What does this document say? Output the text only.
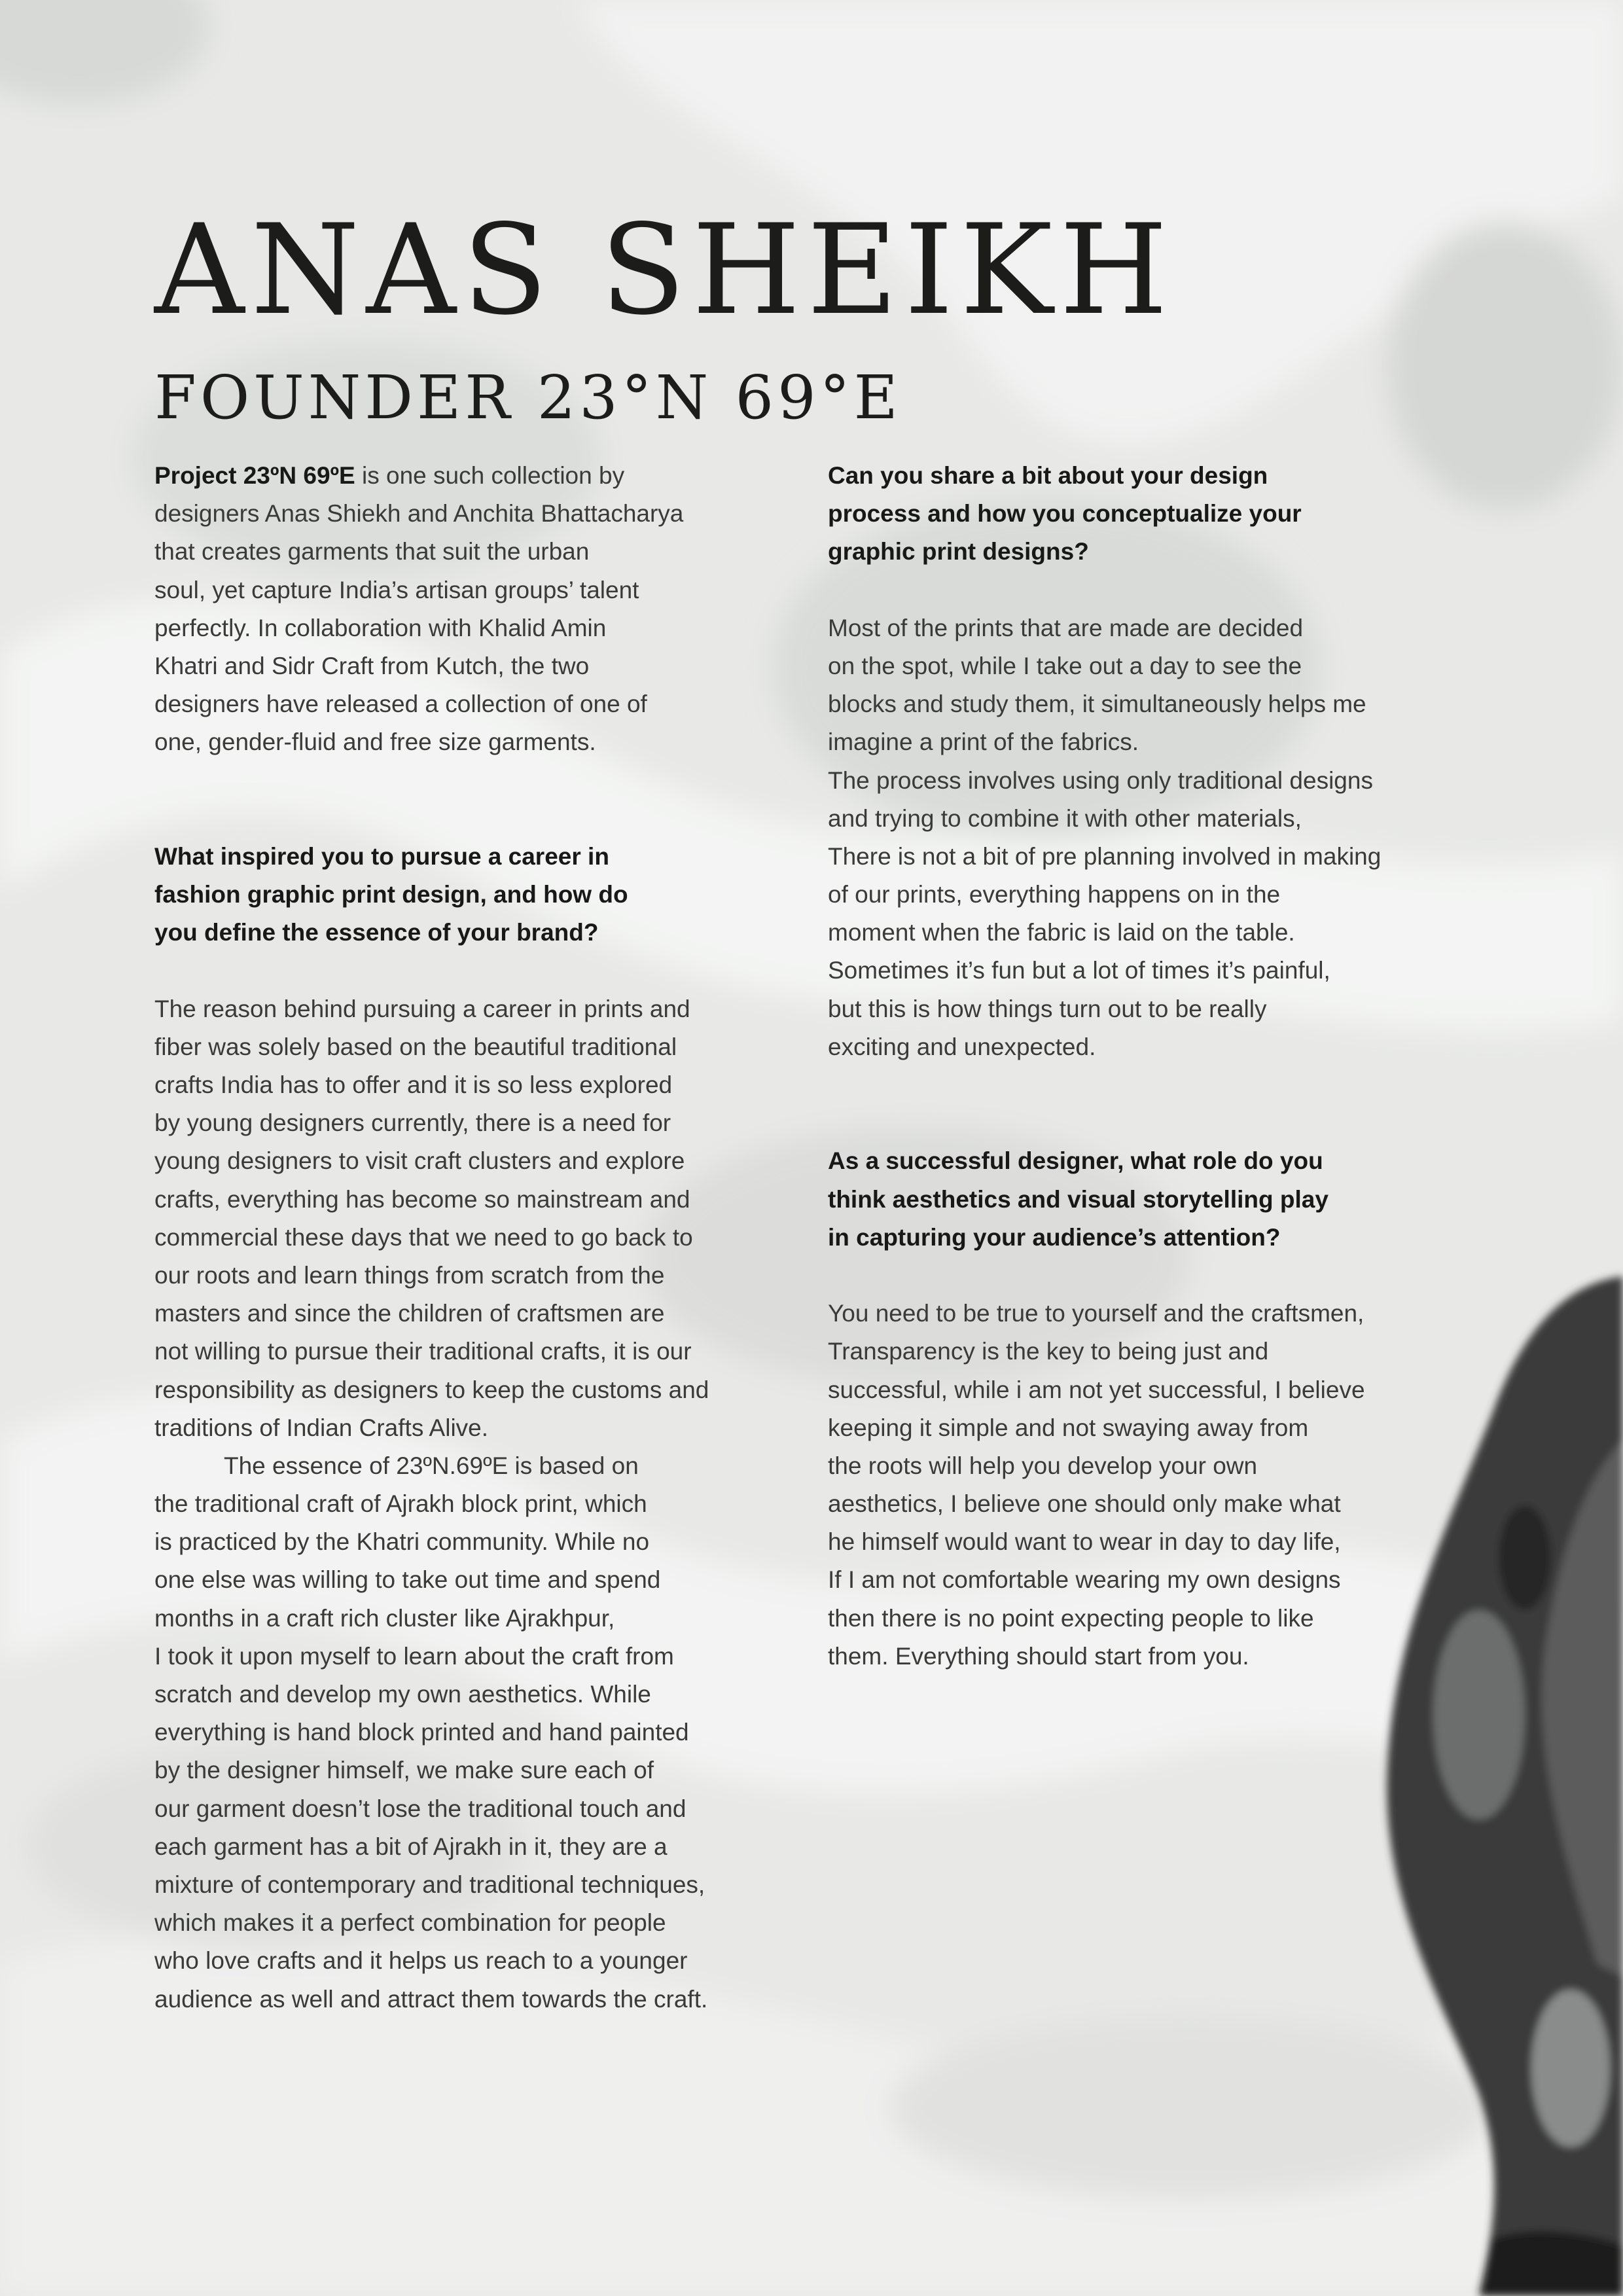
ANAS SHEIKH
FOUNDER 23°N 69°E
Project 23ºN 69ºE is one such collection by
designers Anas Shiekh and Anchita Bhattacharya
that creates garments that suit the urban
soul, yet capture India’s artisan groups’ talent
perfectly. In collaboration with Khalid Amin
Khatri and Sidr Craft from Kutch, the two
designers have released a collection of one of
one, gender-fluid and free size garments.
What inspired you to pursue a career in
fashion graphic print design, and how do
you define the essence of your brand?
The reason behind pursuing a career in prints and
fiber was solely based on the beautiful traditional
crafts India has to offer and it is so less explored
by young designers currently, there is a need for
young designers to visit craft clusters and explore
crafts, everything has become so mainstream and
commercial these days that we need to go back to
our roots and learn things from scratch from the
masters and since the children of craftsmen are
not willing to pursue their traditional crafts, it is our
responsibility as designers to keep the customs and
traditions of Indian Crafts Alive.
The essence of 23ºN.69ºE is based on
the traditional craft of Ajrakh block print, which
is practiced by the Khatri community. While no
one else was willing to take out time and spend
months in a craft rich cluster like Ajrakhpur,
I took it upon myself to learn about the craft from
scratch and develop my own aesthetics. While
everything is hand block printed and hand painted
by the designer himself, we make sure each of
our garment doesn’t lose the traditional touch and
each garment has a bit of Ajrakh in it, they are a
mixture of contemporary and traditional techniques,
which makes it a perfect combination for people
who love crafts and it helps us reach to a younger
audience as well and attract them towards the craft.
Can you share a bit about your design
process and how you conceptualize your
graphic print designs?
Most of the prints that are made are decided
on the spot, while I take out a day to see the
blocks and study them, it simultaneously helps me
imagine a print of the fabrics.
The process involves using only traditional designs
and trying to combine it with other materials,
There is not a bit of pre planning involved in making
of our prints, everything happens on in the
moment when the fabric is laid on the table.
Sometimes it’s fun but a lot of times it’s painful,
but this is how things turn out to be really
exciting and unexpected.
As a successful designer, what role do you
think aesthetics and visual storytelling play
in capturing your audience’s attention?
You need to be true to yourself and the craftsmen,
Transparency is the key to being just and
successful, while i am not yet successful, I believe
keeping it simple and not swaying away from
the roots will help you develop your own
aesthetics, I believe one should only make what
he himself would want to wear in day to day life,
If I am not comfortable wearing my own designs
then there is no point expecting people to like
them. Everything should start from you.
